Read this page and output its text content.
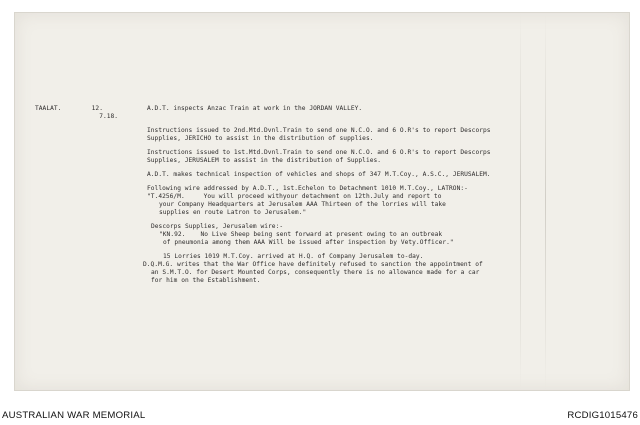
TAALAT.	12.	A.D.T. inspects Anzac Train at work in the JORDAN VALLEY.
7.18.
Instructions issued to 2nd.Mtd.Dvnl.Train to send one N.C.O. and 6 O.R's to report Descorps
Supplies, JERICHO to assist in the distribution of supplies.
Instructions issued to 1st.Mtd.Dvnl.Train to send one N.C.O. and 6 O.R's to report Descorps
Supplies, JERUSALEM to assist in the distribution of Supplies.
A.D.T. makes technical inspection of vehicles and shops of 347 M.T.Coy., A.S.C., JERUSALEM.
Following wire addressed by A.D.T., 1st.Echelon to Detachment 1010 M.T.Coy., LATRON:-
"T.4256/M.     You will proceed withyour detachment on 12th.July and report to
your Company Headquarters at Jerusalem AAA Thirteen of the lorries will take
supplies en route Latron to Jerusalem."
Descorps Supplies, Jerusalem wire:-
"KN.92.    No Live Sheep being sent forward at present owing to an outbreak
of pneumonia among them AAA Will be issued after inspection by Vety.Officer."
15 Lorries 1019 M.T.Coy. arrived at H.Q. of Company Jerusalem to-day.
D.Q.M.G. writes that the War Office have definitely refused to sanction the appointment of
an S.M.T.O. for Desert Mounted Corps, consequently there is no allowance made for a car
for him on the Establishment.
AUSTRALIAN WAR MEMORIAL	RCDIG1015476
